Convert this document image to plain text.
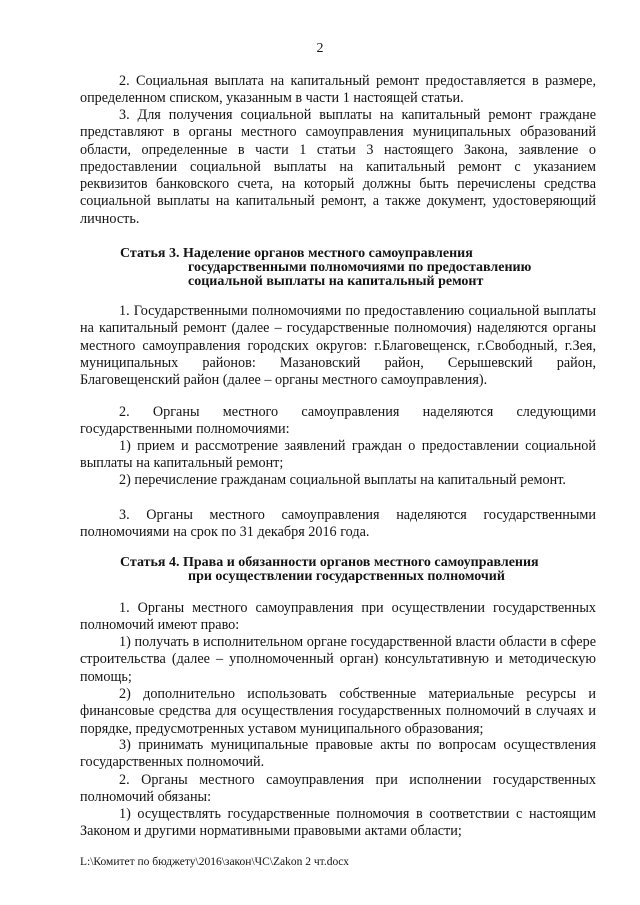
2
2. Социальная выплата на капитальный ремонт предоставляется в размере, определенном списком, указанным в части 1 настоящей статьи.
3. Для получения социальной выплаты на капитальный ремонт граждане представляют в органы местного самоуправления муниципальных образований области, определенные в части 1 статьи 3 настоящего Закона, заявление о предоставлении социальной выплаты на капитальный ремонт с указанием реквизитов банковского счета, на который должны быть перечислены средства социальной выплаты на капитальный ремонт, а также документ, удостоверяющий личность.
Статья 3. Наделение органов местного самоуправления
государственными полномочиями по предоставлению
социальной выплаты на капитальный ремонт
1. Государственными полномочиями по предоставлению социальной выплаты на капитальный ремонт (далее – государственные полномочия) наделяются органы местного самоуправления городских округов: г.Благовещенск, г.Свободный, г.Зея, муниципальных районов: Мазановский район, Серышевский район, Благовещенский район (далее – органы местного самоуправления).
2. Органы местного самоуправления наделяются следующими государственными полномочиями:
1) прием и рассмотрение заявлений граждан о предоставлении социальной выплаты на капитальный ремонт;
2) перечисление гражданам социальной выплаты на капитальный ремонт.
3. Органы местного самоуправления наделяются государственными полномочиями на срок по 31 декабря 2016 года.
Статья 4. Права и обязанности органов местного самоуправления
при осуществлении государственных полномочий
1. Органы местного самоуправления при осуществлении государственных полномочий имеют право:
1) получать в исполнительном органе государственной власти области в сфере строительства (далее – уполномоченный орган) консультативную и методическую помощь;
2) дополнительно использовать собственные материальные ресурсы и финансовые средства для осуществления государственных полномочий в случаях и порядке, предусмотренных уставом муниципального образования;
3) принимать муниципальные правовые акты по вопросам осуществления государственных полномочий.
2. Органы местного самоуправления при исполнении государственных полномочий обязаны:
1) осуществлять государственные полномочия в соответствии с настоящим Законом и другими нормативными правовыми актами области;
L:\Комитет по бюджету\2016\закон\ЧС\Zakon 2 чт.docx
